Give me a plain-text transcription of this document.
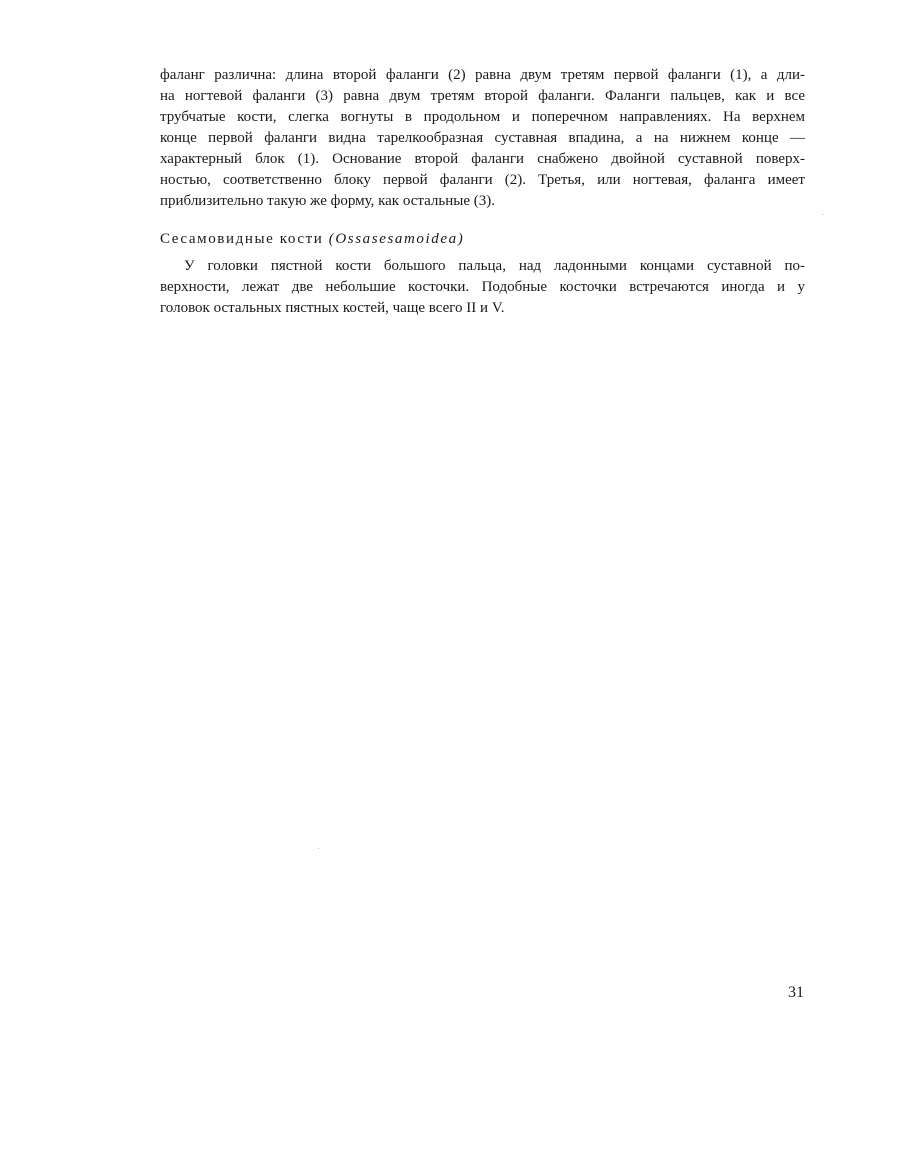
фаланг различна: длина второй фаланги (2) равна двум третям первой фаланги (1), а дли-
на ногтевой фаланги (3) равна двум третям второй фаланги. Фаланги пальцев, как и все
трубчатые кости, слегка вогнуты в продольном и поперечном направлениях. На верхнем
конце первой фаланги видна тарелкообразная суставная впадина, а на нижнем конце —
характерный блок (1). Основание второй фаланги снабжено двойной суставной поверх-
ностью, соответственно блоку первой фаланги (2). Третья, или ногтевая, фаланга имеет
приблизительно такую же форму, как остальные (3).
Сесамовидные кости (Ossasesamoidea)
У головки пястной кости большого пальца, над ладонными концами суставной по-
верхности, лежат две небольшие косточки. Подобные косточки встречаются иногда и у
головок остальных пястных костей, чаще всего II и V.
31
